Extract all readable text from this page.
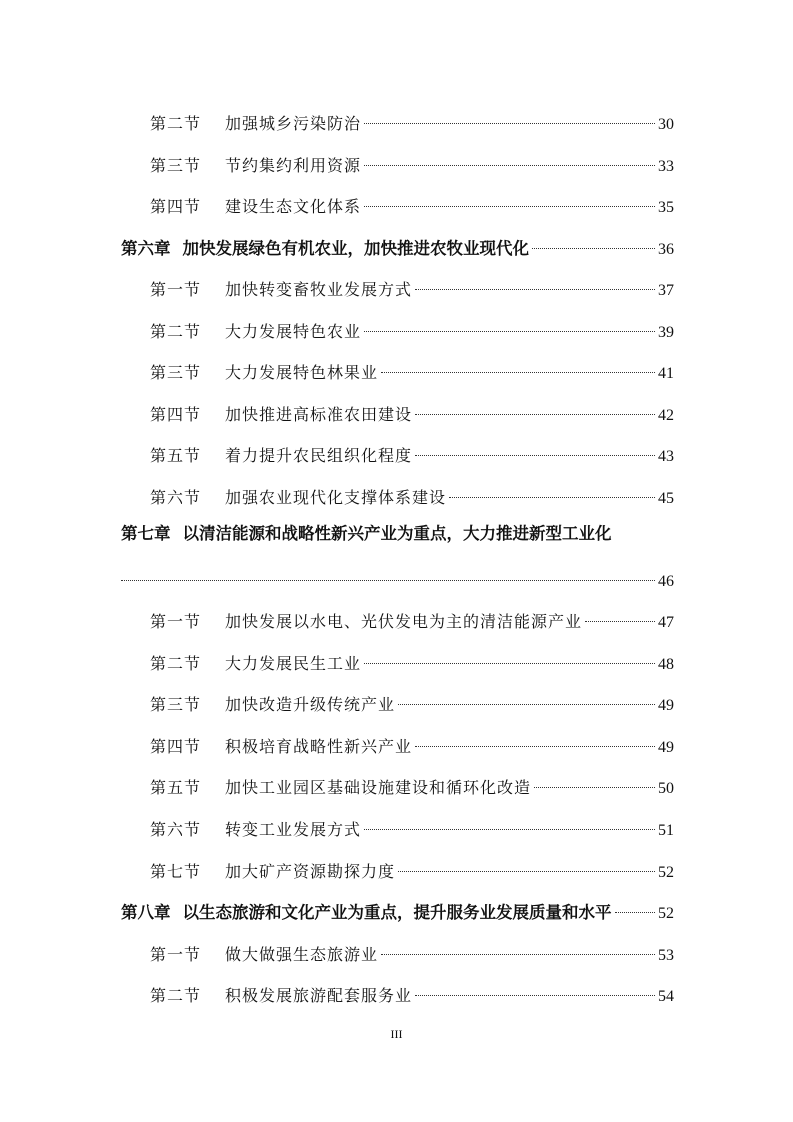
第二节	加强城乡污染防治	30
第三节	节约集约利用资源	33
第四节	建设生态文化体系	35
第六章 加快发展绿色有机农业，加快推进农牧业现代化	36
第一节	加快转变畜牧业发展方式	37
第二节	大力发展特色农业	39
第三节	大力发展特色林果业	41
第四节	加快推进高标准农田建设	42
第五节	着力提升农民组织化程度	43
第六节	加强农业现代化支撑体系建设	45
第七章 以清洁能源和战略性新兴产业为重点，大力推进新型工业化
46
第一节	加快发展以水电、光伏发电为主的清洁能源产业	47
第二节	大力发展民生工业	48
第三节	加快改造升级传统产业	49
第四节	积极培育战略性新兴产业	49
第五节	加快工业园区基础设施建设和循环化改造	50
第六节	转变工业发展方式	51
第七节	加大矿产资源勘探力度	52
第八章 以生态旅游和文化产业为重点，提升服务业发展质量和水平	52
第一节	做大做强生态旅游业	53
第二节	积极发展旅游配套服务业	54
III
